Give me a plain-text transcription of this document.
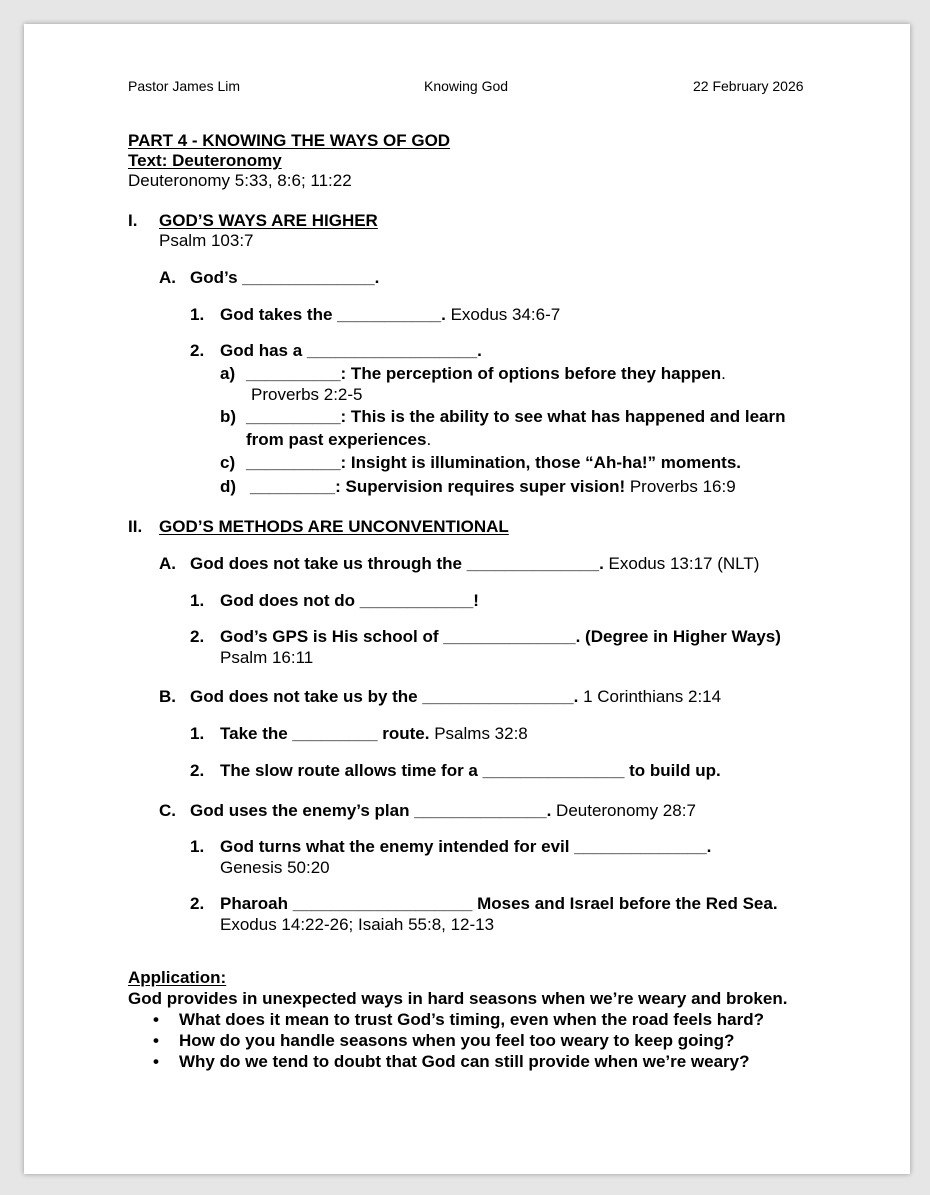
Pastor James Lim	Knowing God	22 February 2026
PART 4 - KNOWING THE WAYS OF GOD
Text: Deuteronomy
Deuteronomy 5:33, 8:6; 11:22
I. GOD’S WAYS ARE HIGHER
Psalm 103:7
A. God’s ______________.
1. God takes the ___________. Exodus 34:6-7
2. God has a __________________.
a) __________: The perception of options before they happen.
Proverbs 2:2-5
b) __________: This is the ability to see what has happened and learn
from past experiences.
c) __________: Insight is illumination, those “Ah-ha!” moments.
d) _________: Supervision requires super vision! Proverbs 16:9
II. GOD’S METHODS ARE UNCONVENTIONAL
A. God does not take us through the ______________. Exodus 13:17 (NLT)
1. God does not do ____________!
2. God’s GPS is His school of ______________. (Degree in Higher Ways)
Psalm 16:11
B. God does not take us by the ________________. 1 Corinthians 2:14
1. Take the _________ route. Psalms 32:8
2. The slow route allows time for a _______________ to build up.
C. God uses the enemy’s plan ______________. Deuteronomy 28:7
1. God turns what the enemy intended for evil ______________.
Genesis 50:20
2. Pharoah ___________________ Moses and Israel before the Red Sea.
Exodus 14:22-26; Isaiah 55:8, 12-13
Application:
God provides in unexpected ways in hard seasons when we’re weary and broken.
• What does it mean to trust God’s timing, even when the road feels hard?
• How do you handle seasons when you feel too weary to keep going?
• Why do we tend to doubt that God can still provide when we’re weary?
